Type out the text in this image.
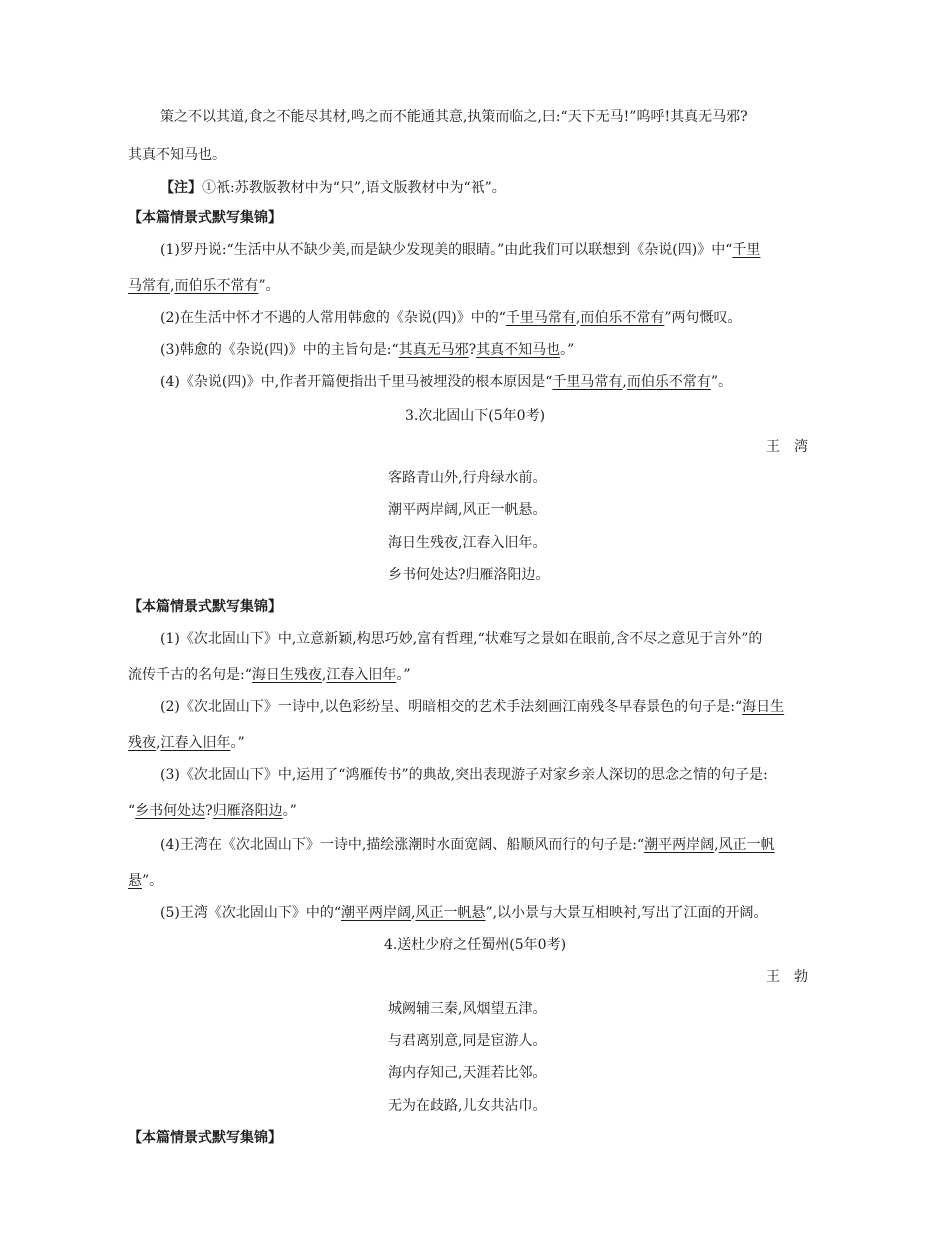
策之不以其道,食之不能尽其材,鸣之而不能通其意,执策而临之,曰:“天下无马!”呜呼!其真无马邪?
其真不知马也。
【注】①衹:苏教版教材中为“只”,语文版教材中为“衹”。
【本篇情景式默写集锦】
(1)罗丹说:“生活中从不缺少美,而是缺少发现美的眼睛。”由此我们可以联想到《杂说(四)》中“千里
马常有,而伯乐不常有”。
(2)在生活中怀才不遇的人常用韩愈的《杂说(四)》中的“千里马常有,而伯乐不常有”两句慨叹。
(3)韩愈的《杂说(四)》中的主旨句是:“其真无马邪?其真不知马也。”
(4)《杂说(四)》中,作者开篇便指出千里马被埋没的根本原因是“千里马常有,而伯乐不常有”。
3.次北固山下(5年0考)
王湾
客路青山外,行舟绿水前。
潮平两岸阔,风正一帆悬。
海日生残夜,江春入旧年。
乡书何处达?归雁洛阳边。
【本篇情景式默写集锦】
(1)《次北固山下》中,立意新颖,构思巧妙,富有哲理,“状难写之景如在眼前,含不尽之意见于言外”的
流传千古的名句是:“海日生残夜,江春入旧年。”
(2)《次北固山下》一诗中,以色彩纷呈、明暗相交的艺术手法刻画江南残冬早春景色的句子是:“海日生
残夜,江春入旧年。”
(3)《次北固山下》中,运用了“鸿雁传书”的典故,突出表现游子对家乡亲人深切的思念之情的句子是:
“乡书何处达?归雁洛阳边。”
(4)王湾在《次北固山下》一诗中,描绘涨潮时水面宽阔、船顺风而行的句子是:“潮平两岸阔,风正一帆
悬”。
(5)王湾《次北固山下》中的“潮平两岸阔,风正一帆悬”,以小景与大景互相映衬,写出了江面的开阔。
4.送杜少府之任蜀州(5年0考)
王勃
城阙辅三秦,风烟望五津。
与君离别意,同是宦游人。
海内存知己,天涯若比邻。
无为在歧路,儿女共沾巾。
【本篇情景式默写集锦】
